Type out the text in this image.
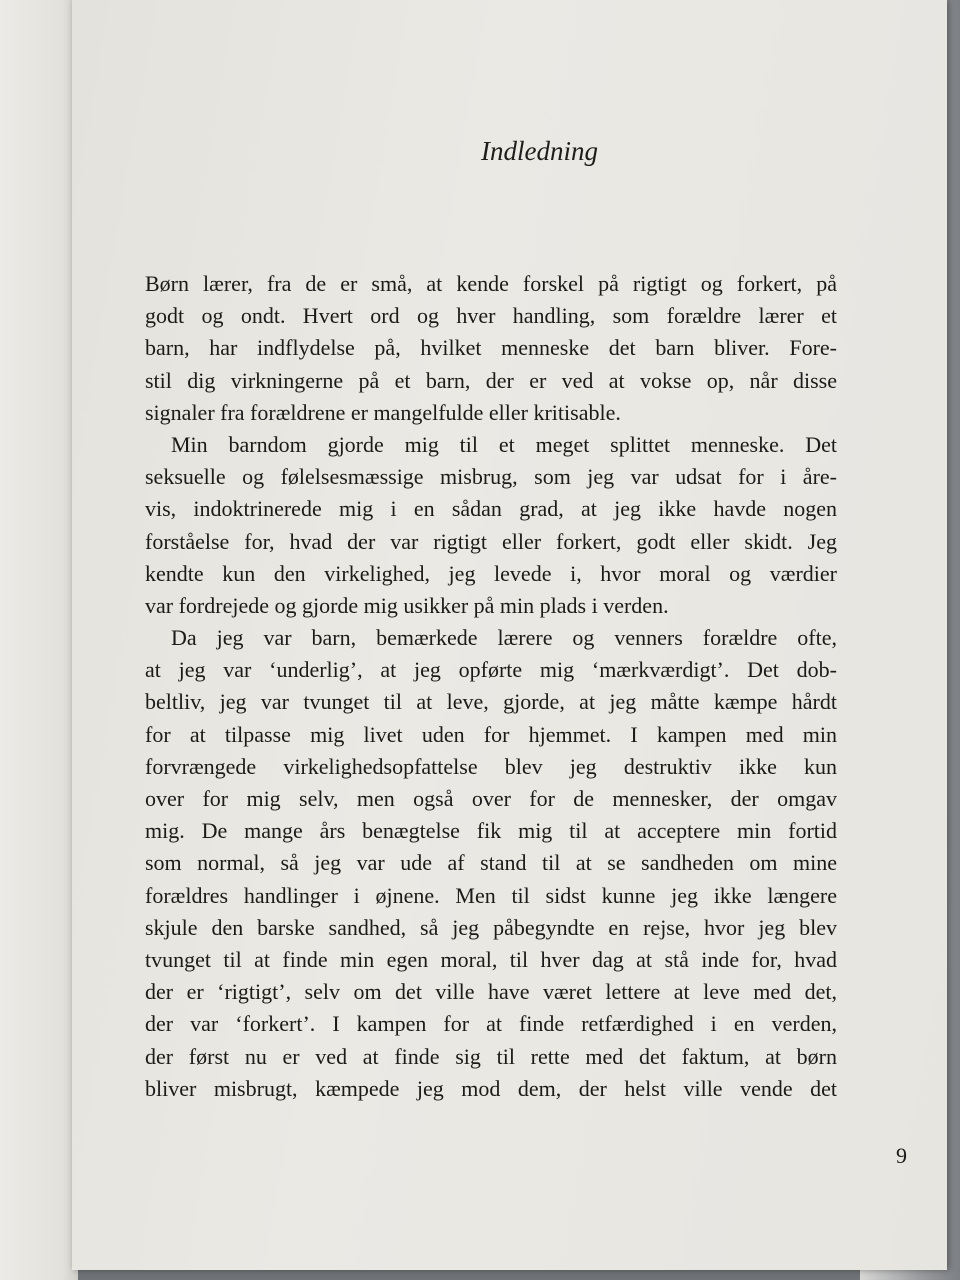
Indledning
9
Børn lærer, fra de er små, at kende forskel på rigtigt og forkert, på
godt og ondt. Hvert ord og hver handling, som forældre lærer et
barn, har indflydelse på, hvilket menneske det barn bliver. Fore-
stil dig virkningerne på et barn, der er ved at vokse op, når disse
signaler fra forældrene er mangelfulde eller kritisable.
Min barndom gjorde mig til et meget splittet menneske. Det
seksuelle og følelsesmæssige misbrug, som jeg var udsat for i åre-
vis, indoktrinerede mig i en sådan grad, at jeg ikke havde nogen
forståelse for, hvad der var rigtigt eller forkert, godt eller skidt. Jeg
kendte kun den virkelighed, jeg levede i, hvor moral og værdier
var fordrejede og gjorde mig usikker på min plads i verden.
Da jeg var barn, bemærkede lærere og venners forældre ofte,
at jeg var ‘underlig’, at jeg opførte mig ‘mærkværdigt’. Det dob-
beltliv, jeg var tvunget til at leve, gjorde, at jeg måtte kæmpe hårdt
for at tilpasse mig livet uden for hjemmet. I kampen med min
forvrængede virkelighedsopfattelse blev jeg destruktiv ikke kun
over for mig selv, men også over for de mennesker, der omgav
mig. De mange års benægtelse fik mig til at acceptere min fortid
som normal, så jeg var ude af stand til at se sandheden om mine
forældres handlinger i øjnene. Men til sidst kunne jeg ikke længere
skjule den barske sandhed, så jeg påbegyndte en rejse, hvor jeg blev
tvunget til at finde min egen moral, til hver dag at stå inde for, hvad
der er ‘rigtigt’, selv om det ville have været lettere at leve med det,
der var ‘forkert’. I kampen for at finde retfærdighed i en verden,
der først nu er ved at finde sig til rette med det faktum, at børn
bliver misbrugt, kæmpede jeg mod dem, der helst ville vende det
